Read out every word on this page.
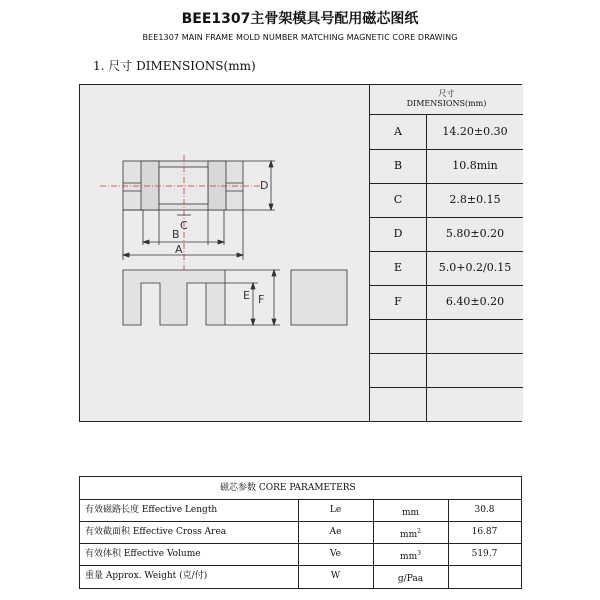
BEE1307主骨架模具号配用磁芯图纸
BEE1307 MAIN FRAME MOLD NUMBER MATCHING MAGNETIC CORE DRAWING
1. 尺寸 DIMENSIONS(mm)
D
C
B
A
E F
尺寸
DIMENSIONS(mm)
A	14.20±0.30
B	10.8min
C	2.8±0.15
D	5.80±0.20
E	5.0+0.2/0.15
F	6.40±0.20
磁芯参数 CORE PARAMETERS
有效磁路长度 Effective Length	Le	mm	30.8
有效截面积 Effective Cross Area	Ae	$mm^2$	16.87
有效体积 Effective Volume	Ve	$mm^3$	519.7
重量 Approx. Weight (克/付)	W	g/Paa
